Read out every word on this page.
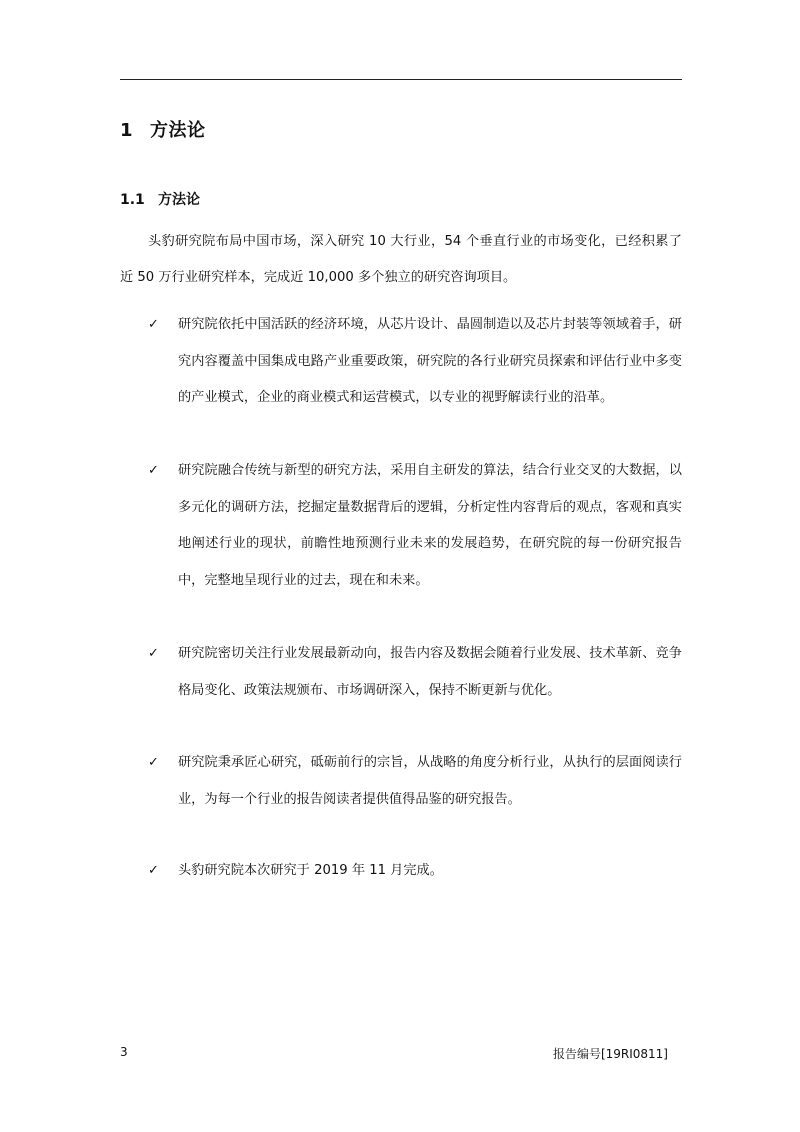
1 方法论
1.1 方法论

头豹研究院布局中国市场，深入研究 10 大行业，54 个垂直行业的市场变化，已经积累了近 50 万行业研究样本，完成近 10,000 多个独立的研究咨询项目。

✓ 研究院依托中国活跃的经济环境，从芯片设计、晶圆制造以及芯片封装等领域着手，研究内容覆盖中国集成电路产业重要政策，研究院的各行业研究员探索和评估行业中多变的产业模式，企业的商业模式和运营模式，以专业的视野解读行业的沿革。

✓ 研究院融合传统与新型的研究方法，采用自主研发的算法，结合行业交叉的大数据，以多元化的调研方法，挖掘定量数据背后的逻辑，分析定性内容背后的观点，客观和真实地阐述行业的现状，前瞻性地预测行业未来的发展趋势，在研究院的每一份研究报告中，完整地呈现行业的过去，现在和未来。

✓ 研究院密切关注行业发展最新动向，报告内容及数据会随着行业发展、技术革新、竞争格局变化、政策法规颁布、市场调研深入，保持不断更新与优化。

✓ 研究院秉承匠心研究，砥砺前行的宗旨，从战略的角度分析行业，从执行的层面阅读行业，为每一个行业的报告阅读者提供值得品鉴的研究报告。

✓ 头豹研究院本次研究于 2019 年 11 月完成。

3	报告编号[19RI0811]
